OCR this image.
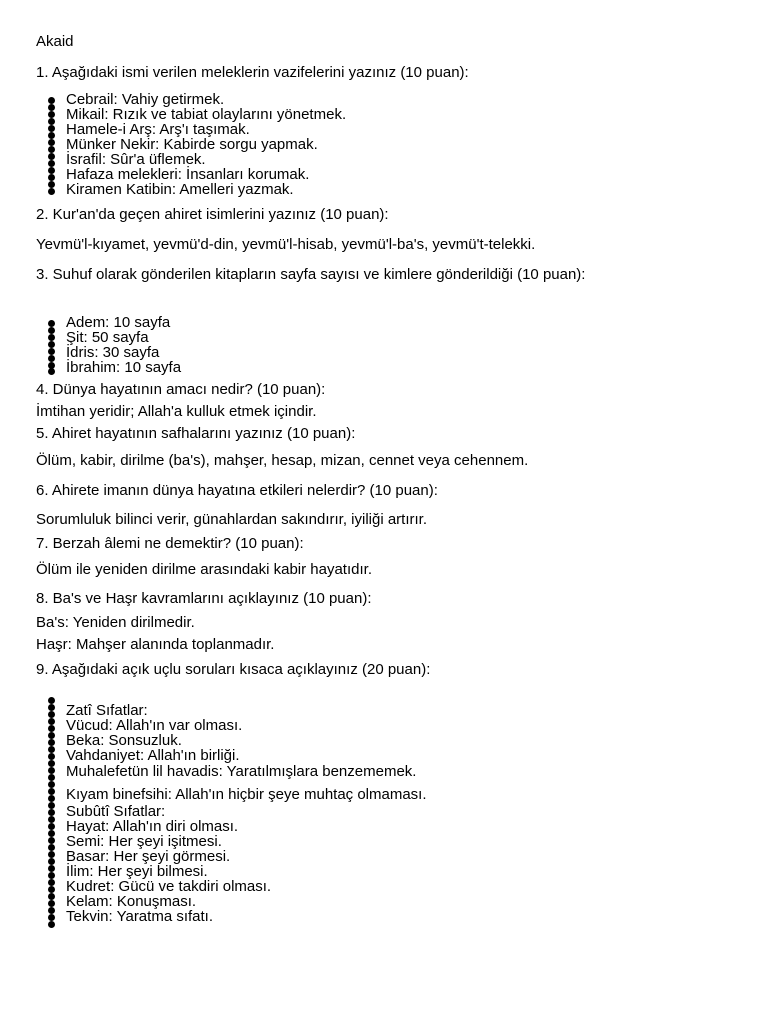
Akaid
1. Aşağıdaki ismi verilen meleklerin vazifelerini yazınız (10 puan):
Cebrail: Vahiy getirmek.
Mikail: Rızık ve tabiat olaylarını yönetmek.
Hamele-i Arş: Arş'ı taşımak.
Münker Nekir: Kabirde sorgu yapmak.
İsrafil: Sûr'a üflemek.
Hafaza melekleri: İnsanları korumak.
Kiramen Katibin: Amelleri yazmak.
2. Kur'an'da geçen ahiret isimlerini yazınız (10 puan):
Yevmü'l-kıyamet, yevmü'd-din, yevmü'l-hisab, yevmü'l-ba's, yevmü't-telekki.
3. Suhuf olarak gönderilen kitapların sayfa sayısı ve kimlere gönderildiği (10 puan):
Adem: 10 sayfa
Şit: 50 sayfa
İdris: 30 sayfa
İbrahim: 10 sayfa
4. Dünya hayatının amacı nedir? (10 puan):
İmtihan yeridir; Allah'a kulluk etmek içindir.
5. Ahiret hayatının safhalarını yazınız (10 puan):
Ölüm, kabir, dirilme (ba's), mahşer, hesap, mizan, cennet veya cehennem.
6. Ahirete imanın dünya hayatına etkileri nelerdir? (10 puan):
Sorumluluk bilinci verir, günahlardan sakındırır, iyiliği artırır.
7. Berzah âlemi ne demektir? (10 puan):
Ölüm ile yeniden dirilme arasındaki kabir hayatıdır.
8. Ba's ve Haşr kavramlarını açıklayınız (10 puan):
Ba's: Yeniden dirilmedir.
Haşr: Mahşer alanında toplanmadır.
9. Aşağıdaki açık uçlu soruları kısaca açıklayınız (20 puan):
Zatî Sıfatlar:
Vücud: Allah'ın var olması.
Beka: Sonsuzluk.
Vahdaniyet: Allah'ın birliği.
Muhalefetün lil havadis: Yaratılmışlara benzememek.
Kıyam binefsihi: Allah'ın hiçbir şeye muhtaç olmaması.
Subûtî Sıfatlar:
Hayat: Allah'ın diri olması.
Semi: Her şeyi işitmesi.
Basar: Her şeyi görmesi.
İlim: Her şeyi bilmesi.
Kudret: Gücü ve takdiri olması.
Kelam: Konuşması.
Tekvin: Yaratma sıfatı.
